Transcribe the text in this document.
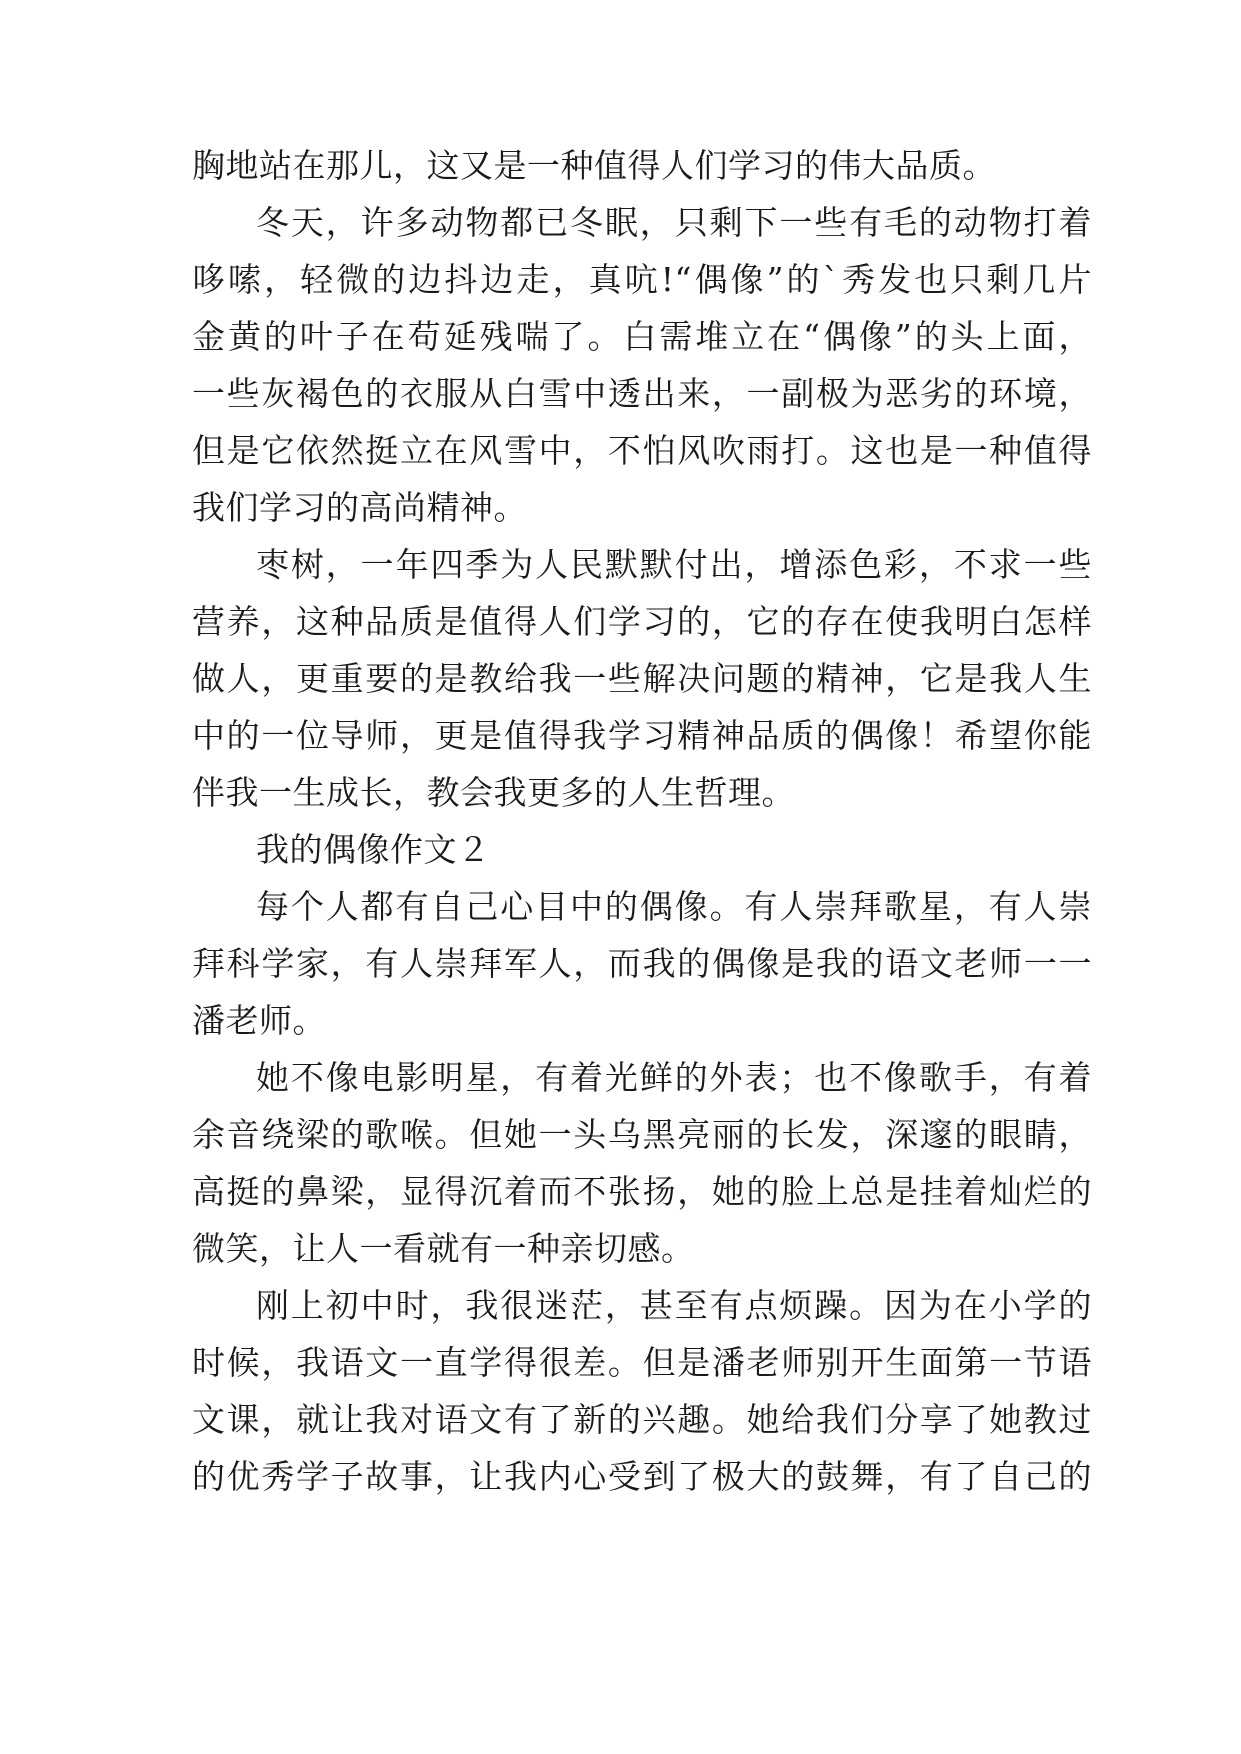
胸地站在那儿，这又是一种值得人们学习的伟大品质。
冬天，许多动物都已冬眠，只剩下一些有毛的动物打着
哆嗦，轻微的边抖边走，真吭!“偶像”的`秀发也只剩几片
金黄的叶子在苟延残喘了。白需堆立在“偶像”的头上面，
一些灰褐色的衣服从白雪中透出来，一副极为恶劣的环境，
但是它依然挺立在风雪中，不怕风吹雨打。这也是一种值得
我们学习的高尚精神。
枣树，一年四季为人民默默付出，增添色彩，不求一些
营养，这种品质是值得人们学习的，它的存在使我明白怎样
做人，更重要的是教给我一些解决问题的精神，它是我人生
中的一位导师，更是值得我学习精神品质的偶像！希望你能
伴我一生成长，教会我更多的人生哲理。
我的偶像作文２
每个人都有自己心目中的偶像。有人崇拜歌星，有人崇
拜科学家，有人崇拜军人，而我的偶像是我的语文老师一一
潘老师。
她不像电影明星，有着光鲜的外表；也不像歌手，有着
余音绕梁的歌喉。但她一头乌黑亮丽的长发，深邃的眼睛，
高挺的鼻梁，显得沉着而不张扬，她的脸上总是挂着灿烂的
微笑，让人一看就有一种亲切感。
刚上初中时，我很迷茫，甚至有点烦躁。因为在小学的
时候，我语文一直学得很差。但是潘老师别开生面第一节语
文课，就让我对语文有了新的兴趣。她给我们分享了她教过
的优秀学子故事，让我内心受到了极大的鼓舞，有了自己的
